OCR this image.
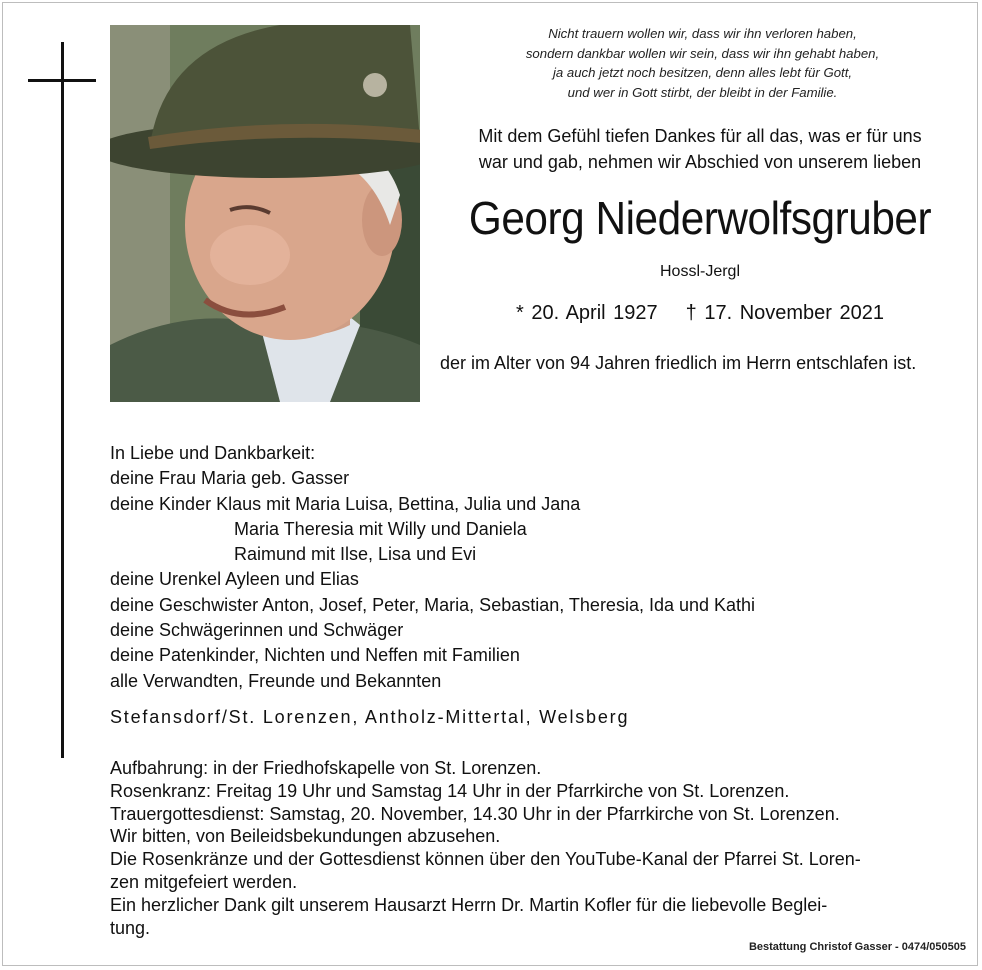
Nicht trauern wollen wir, dass wir ihn verloren haben,
sondern dankbar wollen wir sein, dass wir ihn gehabt haben,
ja auch jetzt noch besitzen, denn alles lebt für Gott,
und wer in Gott stirbt, der bleibt in der Familie.
Mit dem Gefühl tiefen Dankes für all das, was er für uns
war und gab, nehmen wir Abschied von unserem lieben
Georg Niederwolfsgruber
Hossl-Jergl
* 20. April 1927 † 17. November 2021
der im Alter von 94 Jahren friedlich im Herrn entschlafen ist.
In Liebe und Dankbarkeit:
deine Frau Maria geb. Gasser
deine Kinder Klaus mit Maria Luisa, Bettina, Julia und Jana
Maria Theresia mit Willy und Daniela
Raimund mit Ilse, Lisa und Evi
deine Urenkel Ayleen und Elias
deine Geschwister Anton, Josef, Peter, Maria, Sebastian, Theresia, Ida und Kathi
deine Schwägerinnen und Schwäger
deine Patenkinder, Nichten und Neffen mit Familien
alle Verwandten, Freunde und Bekannten
Stefansdorf/St. Lorenzen, Antholz-Mittertal, Welsberg
Aufbahrung: in der Friedhofskapelle von St. Lorenzen.
Rosenkranz: Freitag 19 Uhr und Samstag 14 Uhr in der Pfarrkirche von St. Lorenzen.
Trauergottesdienst: Samstag, 20. November, 14.30 Uhr in der Pfarrkirche von St. Lorenzen.
Wir bitten, von Beileidsbekundungen abzusehen.
Die Rosenkränze und der Gottesdienst können über den YouTube-Kanal der Pfarrei St. Loren-
zen mitgefeiert werden.
Ein herzlicher Dank gilt unserem Hausarzt Herrn Dr. Martin Kofler für die liebevolle Beglei-
tung.
Bestattung Christof Gasser - 0474/050505
